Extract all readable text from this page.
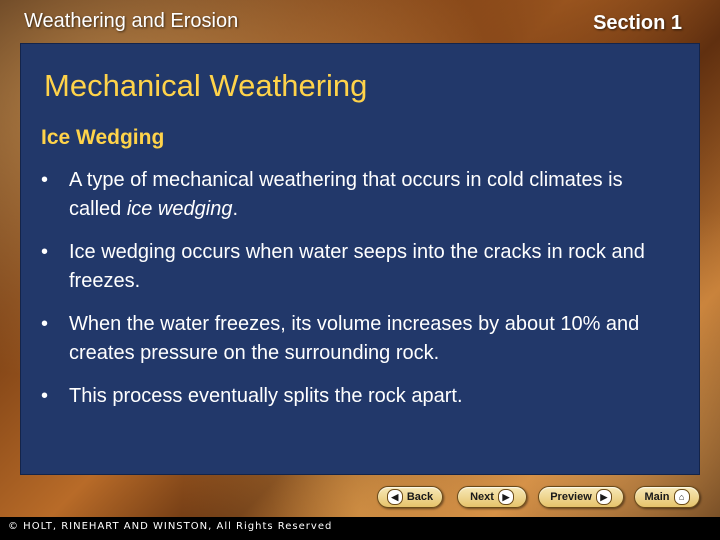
Weathering and Erosion	Section 1
Mechanical Weathering
Ice Wedging
• A type of mechanical weathering that occurs in cold climates is called ice wedging.
• Ice wedging occurs when water seeps into the cracks in rock and freezes.
• When the water freezes, its volume increases by about 10% and creates pressure on the surrounding rock.
• This process eventually splits the rock apart.
◀ Back	Next ▶	Preview ▶	Main	⌂
© HOLT, RINEHART AND WINSTON, All Rights Reserved
